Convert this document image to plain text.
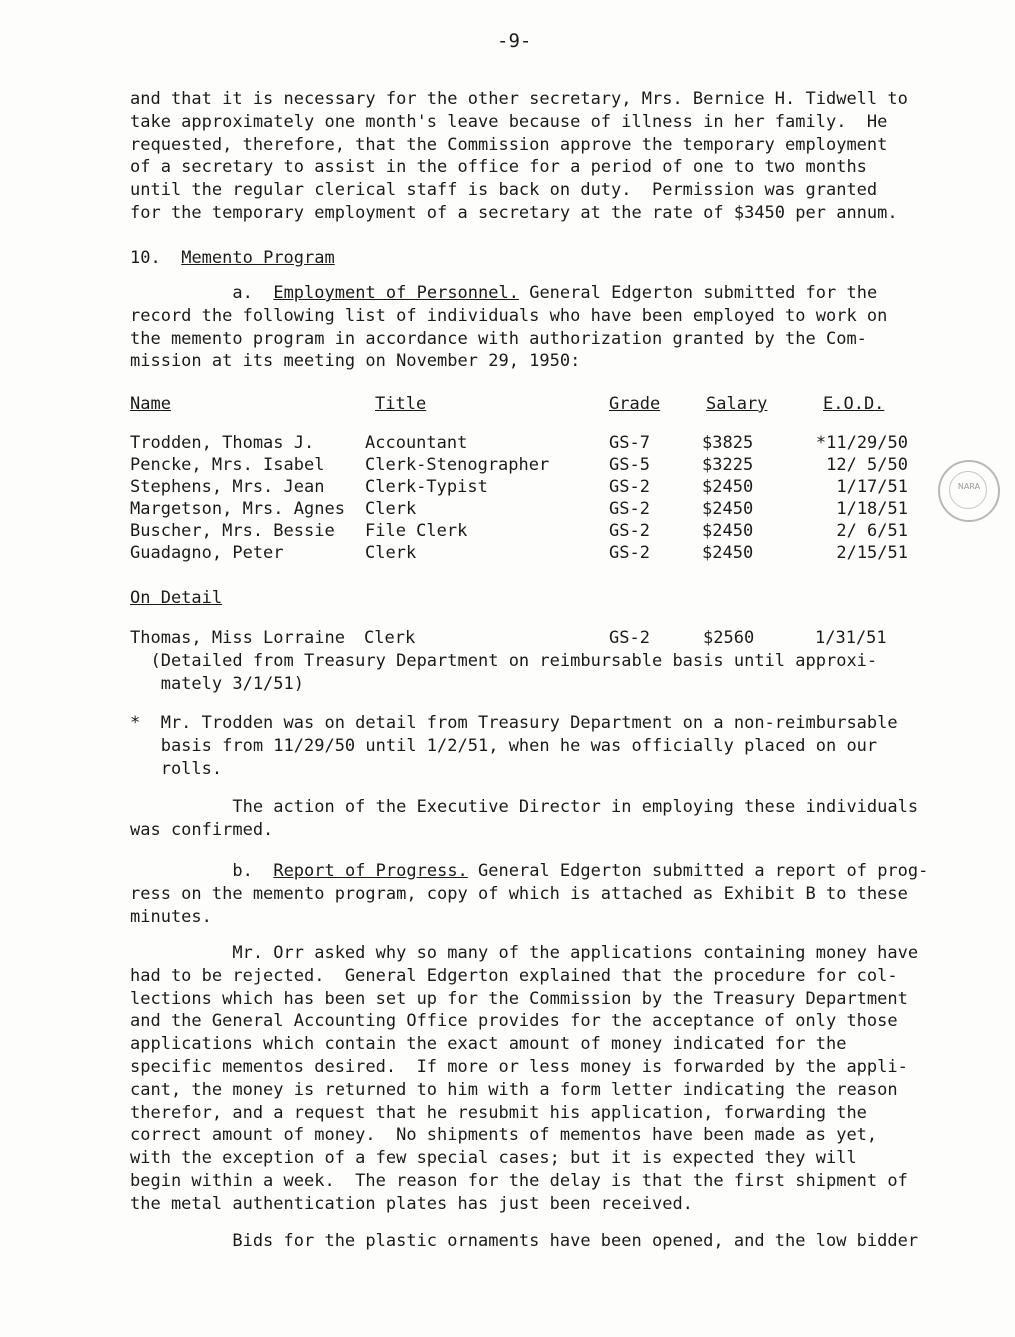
-9-

and that it is necessary for the other secretary, Mrs. Bernice H. Tidwell to
take approximately one month's leave because of illness in her family.  He
requested, therefore, that the Commission approve the temporary employment
of a secretary to assist in the office for a period of one to two months
until the regular clerical staff is back on duty.  Permission was granted
for the temporary employment of a secretary at the rate of $3450 per annum.

10. Memento Program

a. Employment of Personnel. General Edgerton submitted for the
record the following list of individuals who have been employed to work on
the memento program in accordance with authorization granted by the Com-
mission at its meeting on November 29, 1950:

Name	Title	Grade	Salary	E.O.D.
Trodden, Thomas J.	Accountant	GS-7	$3825	*11/29/50
Pencke, Mrs. Isabel	Clerk-Stenographer	GS-5	$3225	12/ 5/50
Stephens, Mrs. Jean	Clerk-Typist	GS-2	$2450	1/17/51
Margetson, Mrs. Agnes	Clerk	GS-2	$2450	1/18/51
Buscher, Mrs. Bessie	File Clerk	GS-2	$2450	2/ 6/51
Guadagno, Peter	Clerk	GS-2	$2450	2/15/51
NARA
On Detail
Thomas, Miss Lorraine Clerk	GS-2	$2560	1/31/51

(Detailed from Treasury Department on reimbursable basis until approxi-
mately 3/1/51)

*  Mr. Trodden was on detail from Treasury Department on a non-reimbursable
basis from 11/29/50 until 1/2/51, when he was officially placed on our
rolls.

The action of the Executive Director in employing these individuals
was confirmed.

b. Report of Progress. General Edgerton submitted a report of prog-
ress on the memento program, copy of which is attached as Exhibit B to these
minutes.

Mr. Orr asked why so many of the applications containing money have
had to be rejected.  General Edgerton explained that the procedure for col-
lections which has been set up for the Commission by the Treasury Department
and the General Accounting Office provides for the acceptance of only those
applications which contain the exact amount of money indicated for the
specific mementos desired.  If more or less money is forwarded by the appli-
cant, the money is returned to him with a form letter indicating the reason
therefor, and a request that he resubmit his application, forwarding the
correct amount of money.  No shipments of mementos have been made as yet,
with the exception of a few special cases; but it is expected they will
begin within a week.  The reason for the delay is that the first shipment of
the metal authentication plates has just been received.

Bids for the plastic ornaments have been opened, and the low bidder
